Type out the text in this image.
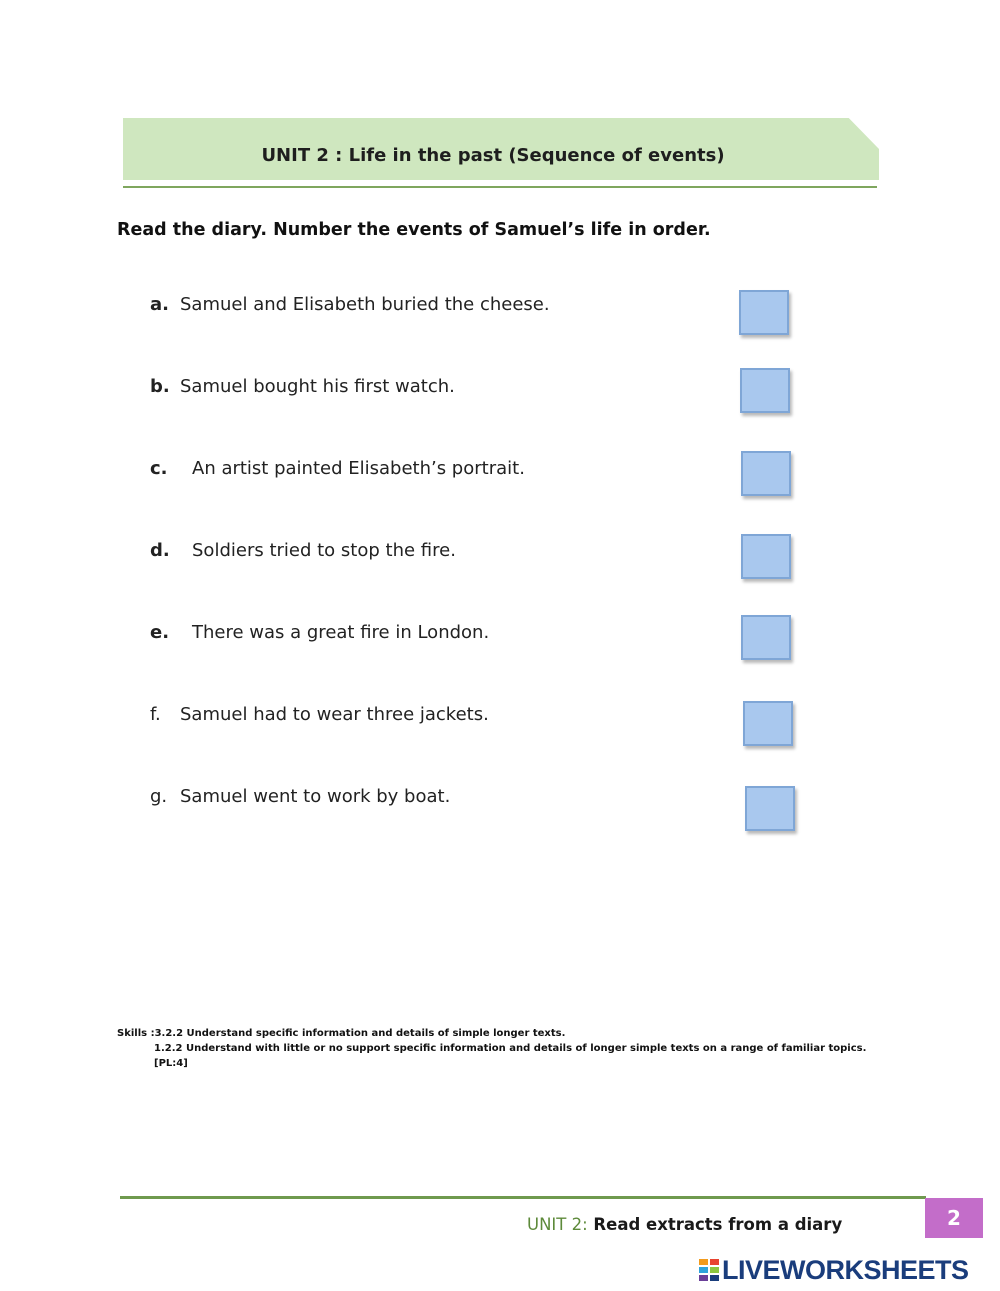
UNIT 2 : Life in the past (Sequence of events)
Read the diary. Number the events of Samuel’s life in order.
a. Samuel and Elisabeth buried the cheese.
b. Samuel bought his first watch.
c. An artist painted Elisabeth’s portrait.
d. Soldiers tried to stop the fire.
e. There was a great fire in London.
f. Samuel had to wear three jackets.
g. Samuel went to work by boat.
Skills :3.2.2 Understand specific information and details of simple longer texts.
1.2.2 Understand with little or no support specific information and details of longer simple texts on a range of familiar topics.
[PL:4]
2
UNIT 2: Read extracts from a diary
LIVEWORKSHEETS
